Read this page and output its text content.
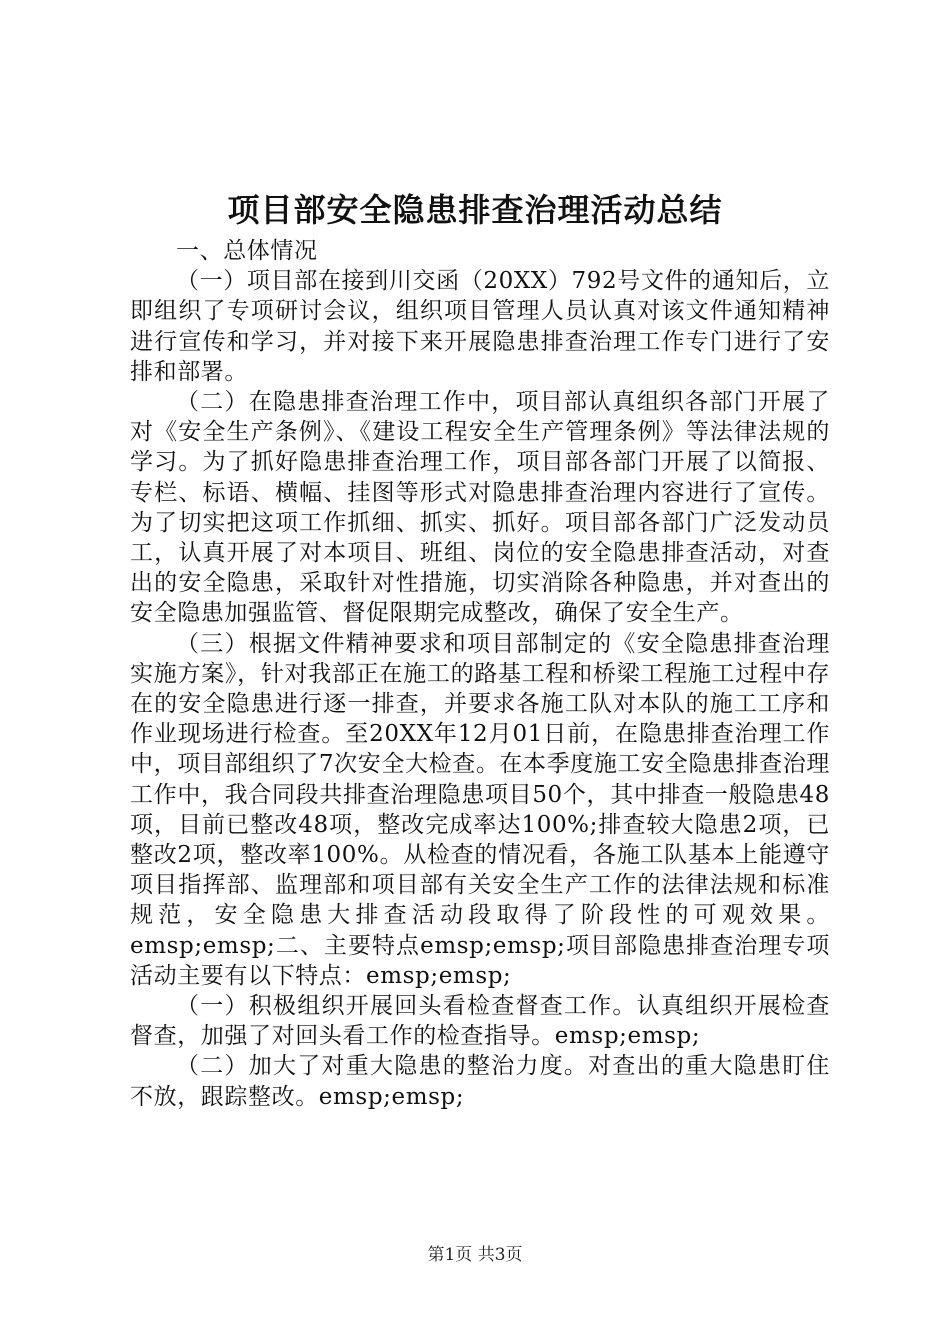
项目部安全隐患排查治理活动总结

一、总体情况

（一）项目部在接到川交函（20XX）792号文件的通知后，立即组织了专项研讨会议，组织项目管理人员认真对该文件通知精神进行宣传和学习，并对接下来开展隐患排查治理工作专门进行了安排和部署。

（二）在隐患排查治理工作中，项目部认真组织各部门开展了对《安全生产条例》、《建设工程安全生产管理条例》等法律法规的学习。为了抓好隐患排查治理工作，项目部各部门开展了以简报、专栏、标语、横幅、挂图等形式对隐患排查治理内容进行了宣传。为了切实把这项工作抓细、抓实、抓好。项目部各部门广泛发动员工，认真开展了对本项目、班组、岗位的安全隐患排查活动，对查出的安全隐患，采取针对性措施，切实消除各种隐患，并对查出的安全隐患加强监管、督促限期完成整改，确保了安全生产。

（三）根据文件精神要求和项目部制定的《安全隐患排查治理实施方案》，针对我部正在施工的路基工程和桥梁工程施工过程中存在的安全隐患进行逐一排查，并要求各施工队对本队的施工工序和作业现场进行检查。至20XX年12月01日前，在隐患排查治理工作中，项目部组织了7次安全大检查。在本季度施工安全隐患排查治理工作中，我合同段共排查治理隐患项目50个，其中排查一般隐患48项，目前已整改48项，整改完成率达100%;排查较大隐患2项，已整改2项，整改率100%。从检查的情况看，各施工队基本上能遵守项目指挥部、监理部和项目部有关安全生产工作的法律法规和标准规范，安全隐患大排查活动段取得了阶段性的可观效果。emsp;emsp;二、主要特点emsp;emsp;项目部隐患排查治理专项活动主要有以下特点：emsp;emsp;

（一）积极组织开展回头看检查督查工作。认真组织开展检查督查，加强了对回头看工作的检查指导。emsp;emsp;

（二）加大了对重大隐患的整治力度。对查出的重大隐患盯住不放，跟踪整改。emsp;emsp;

第1页 共3页
